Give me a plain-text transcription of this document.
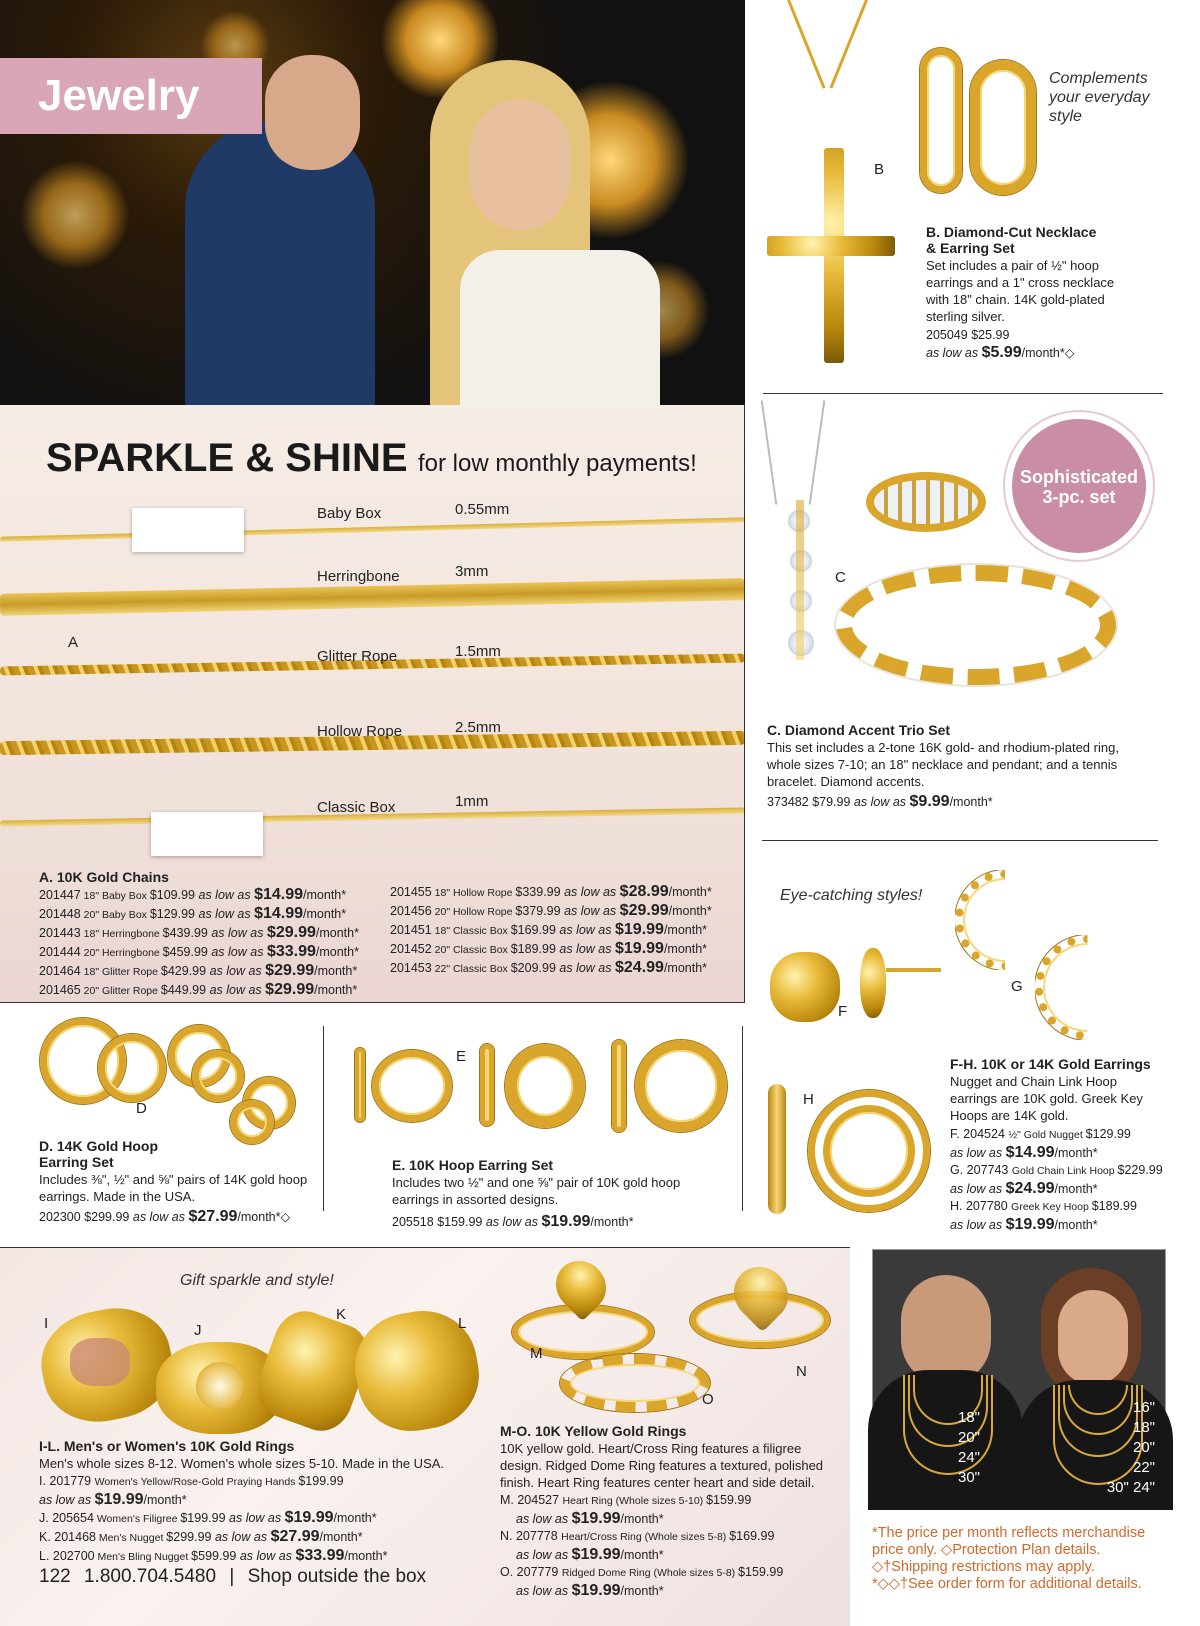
Jewelry
SPARKLE & SHINE for low monthly payments!
Baby Box	0.55mm
Herringbone	3mm
Glitter Rope	1.5mm
Hollow Rope	2.5mm
Classic Box	1mm
A
A. 10K Gold Chains
201447 18" Baby Box $109.99 as low as $14.99/month*
201448 20" Baby Box $129.99 as low as $14.99/month*
201443 18" Herringbone $439.99 as low as $29.99/month*
201444 20" Herringbone $459.99 as low as $33.99/month*
201464 18" Glitter Rope $429.99 as low as $29.99/month*
201465 20" Glitter Rope $449.99 as low as $29.99/month*
201455 18" Hollow Rope $339.99 as low as $28.99/month*
201456 20" Hollow Rope $379.99 as low as $29.99/month*
201451 18" Classic Box $169.99 as low as $19.99/month*
201452 20" Classic Box $189.99 as low as $19.99/month*
201453 22" Classic Box $209.99 as low as $24.99/month*
B
Complements your everyday style
B. Diamond-Cut Necklace
& Earring Set
Set includes a pair of ½" hoop earrings and a 1" cross necklace with 18" chain. 14K gold-plated sterling silver.
205049 $25.99
as low as $5.99/month*◇
C
Sophisticated 3-pc. set
C. Diamond Accent Trio Set
This set includes a 2-tone 16K gold- and rhodium-plated ring, whole sizes 7-10; an 18" necklace and pendant; and a tennis bracelet. Diamond accents.
373482 $79.99 as low as $9.99/month*
Eye-catching styles!
F
G
H
F-H. 10K or 14K Gold Earrings
Nugget and Chain Link Hoop earrings are 10K gold. Greek Key Hoops are 14K gold.
F. 204524 ½" Gold Nugget $129.99
as low as $14.99/month*
G. 207743 Gold Chain Link Hoop $229.99
as low as $24.99/month*
H. 207780 Greek Key Hoop $189.99
as low as $19.99/month*
D
D. 14K Gold Hoop
Earring Set
Includes ⅜", ½" and ⅝" pairs of 14K gold hoop earrings. Made in the USA.
202300 $299.99 as low as $27.99/month*◇
E
E. 10K Hoop Earring Set
Includes two ½" and one ⅝" pair of 10K gold hoop earrings in assorted designs.
205518 $159.99 as low as $19.99/month*
Gift sparkle and style!
I	J
K
L
I-L. Men's or Women's 10K Gold Rings
Men's whole sizes 8-12. Women's whole sizes 5-10. Made in the USA.
I. 201779 Women's Yellow/Rose-Gold Praying Hands $199.99
as low as $19.99/month*
J. 205654 Women's Filigree $199.99 as low as $19.99/month*
K. 201468 Men's Nugget $299.99 as low as $27.99/month*
L. 202700 Men's Bling Nugget $599.99 as low as $33.99/month*
M
N
O
M-O. 10K Yellow Gold Rings
10K yellow gold. Heart/Cross Ring features a filigree design. Ridged Dome Ring features a textured, polished finish. Heart Ring features center heart and side detail.
M. 204527 Heart Ring (Whole sizes 5-10) $159.99
as low as $19.99/month*
N. 207778 Heart/Cross Ring (Whole sizes 5-8) $169.99
as low as $19.99/month*
O. 207779 Ridged Dome Ring (Whole sizes 5-8) $159.99
as low as $19.99/month*
18"
20"
24"
30"
16"
18"
20"
22"
30" 24"
*The price per month reflects merchandise price only. ◇Protection Plan details.
◇†Shipping restrictions may apply.
*◇◇†See order form for additional details.
122 1.800.704.5480 | Shop outside the box
